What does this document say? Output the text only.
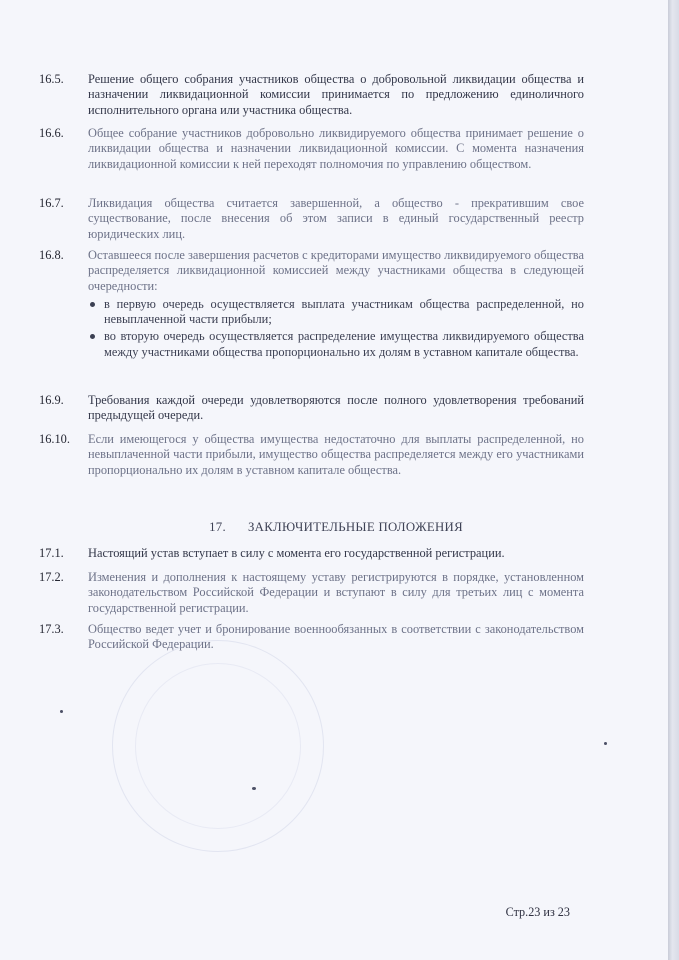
16.5. Решение общего собрания участников общества о добровольной ликвидации общества и назначении ликвидационной комиссии принимается по предложению единоличного исполнительного органа или участника общества.
16.6. Общее собрание участников добровольно ликвидируемого общества принимает решение о ликвидации общества и назначении ликвидационной комиссии. С момента назначения ликвидационной комиссии к ней переходят полномочия по управлению обществом.
16.7. Ликвидация общества считается завершенной, а общество - прекратившим свое существование, после внесения об этом записи в единый государственный реестр юридических лиц.
16.8. Оставшееся после завершения расчетов с кредиторами имущество ликвидируемого общества распределяется ликвидационной комиссией между участниками общества в следующей очередности:
в первую очередь осуществляется выплата участникам общества распределенной, но невыплаченной части прибыли;
во вторую очередь осуществляется распределение имущества ликвидируемого общества между участниками общества пропорционально их долям в уставном капитале общества.
16.9. Требования каждой очереди удовлетворяются после полного удовлетворения требований предыдущей очереди.
16.10. Если имеющегося у общества имущества недостаточно для выплаты распределенной, но невыплаченной части прибыли, имущество общества распределяется между его участниками пропорционально их долям в уставном капитале общества.
17. ЗАКЛЮЧИТЕЛЬНЫЕ ПОЛОЖЕНИЯ
17.1. Настоящий устав вступает в силу с момента его государственной регистрации.
17.2. Изменения и дополнения к настоящему уставу регистрируются в порядке, установленном законодательством Российской Федерации и вступают в силу для третьих лиц с момента государственной регистрации.
17.3. Общество ведет учет и бронирование военнообязанных в соответствии с законодательством Российской Федерации.
Стр.23 из 23
